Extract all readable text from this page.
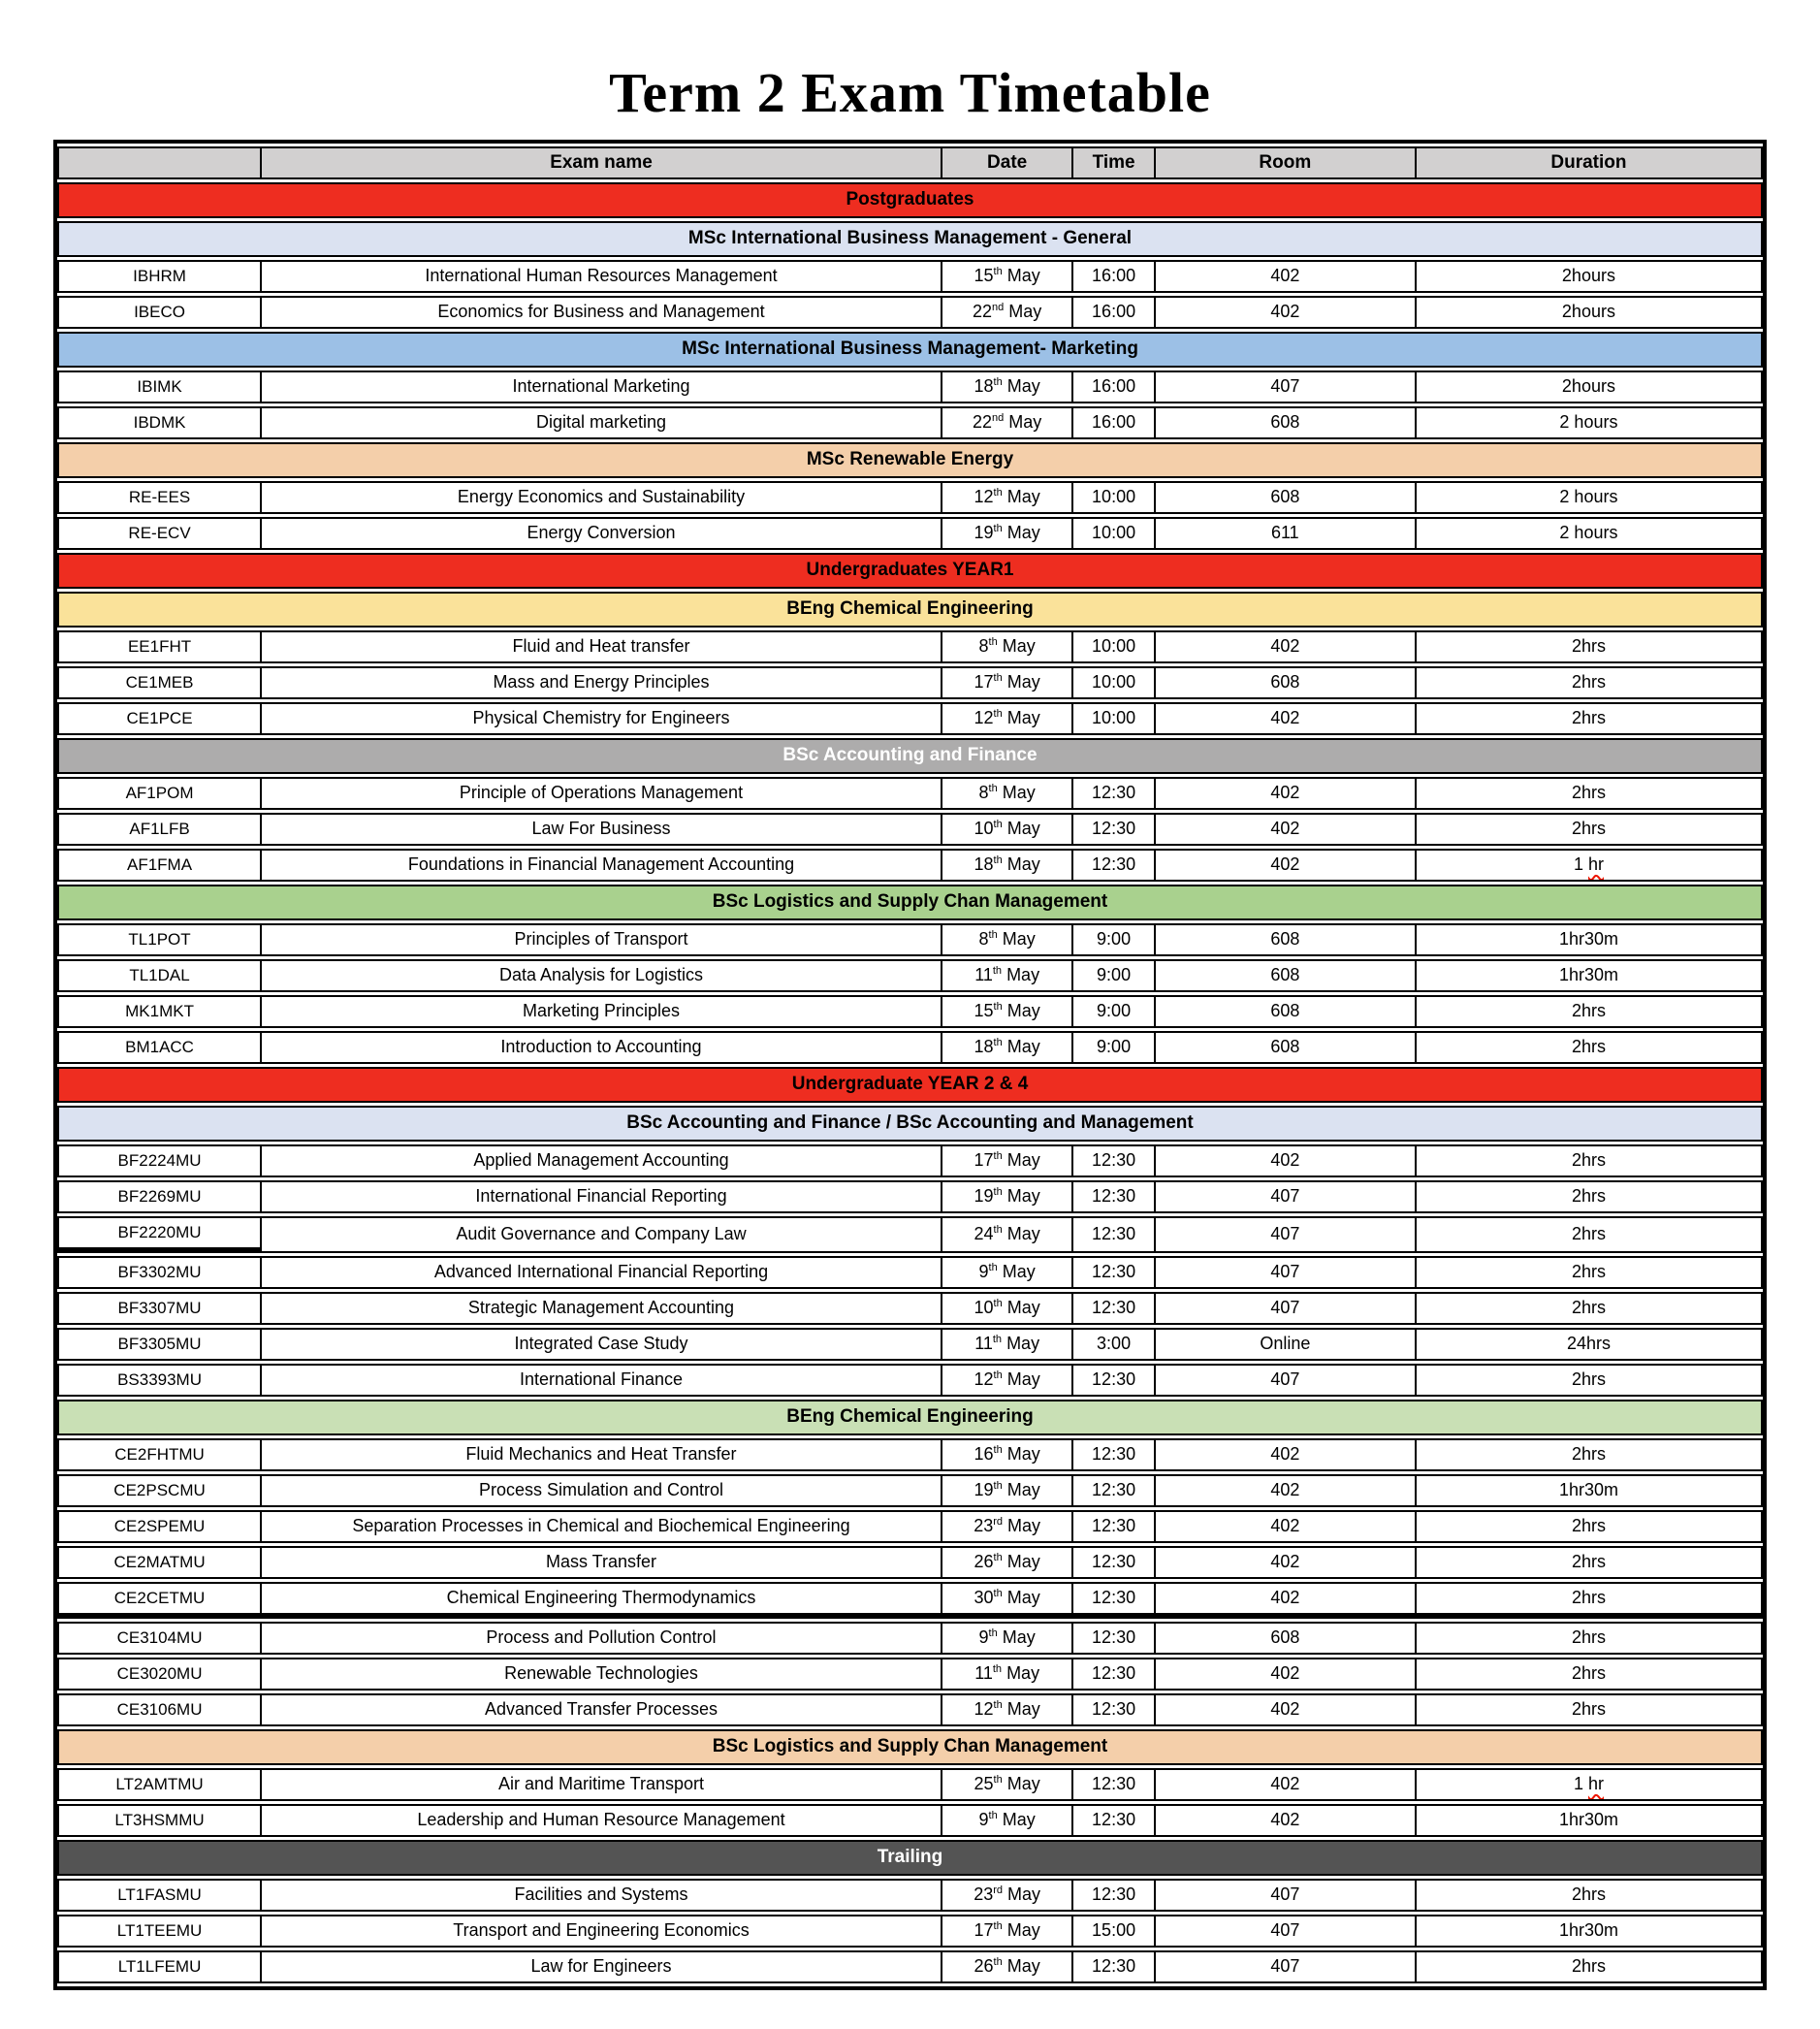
Term 2 Exam Timetable
	Exam name	Date	Time	Room	Duration
Postgraduates					
MSc International Business Management - General					
IBHRM	International Human Resources Management	15th May	16:00	402	2hours
IBECO	Economics for Business and Management	22nd May	16:00	402	2hours
MSc International Business Management- Marketing					
IBIMK	International Marketing	18th May	16:00	407	2hours
IBDMK	Digital marketing	22nd May	16:00	608	2 hours
MSc Renewable Energy					
RE-EES	Energy Economics and Sustainability	12th May	10:00	608	2 hours
RE-ECV	Energy Conversion	19th May	10:00	611	2 hours
Undergraduates YEAR1					
BEng Chemical Engineering					
EE1FHT	Fluid and Heat transfer	8th May	10:00	402	2hrs
CE1MEB	Mass and Energy Principles	17th May	10:00	608	2hrs
CE1PCE	Physical Chemistry for Engineers	12th May	10:00	402	2hrs
BSc Accounting and Finance					
AF1POM	Principle of Operations Management	8th May	12:30	402	2hrs
AF1LFB	Law For Business	10th May	12:30	402	2hrs
AF1FMA	Foundations in Financial Management Accounting	18th May	12:30	402	1 hr
BSc Logistics and Supply Chan Management					
TL1POT	Principles of Transport	8th May	9:00	608	1hr30m
TL1DAL	Data Analysis for Logistics	11th May	9:00	608	1hr30m
MK1MKT	Marketing Principles	15th May	9:00	608	2hrs
BM1ACC	Introduction to Accounting	18th May	9:00	608	2hrs
Undergraduate YEAR 2 & 4					
BSc Accounting and Finance / BSc Accounting and Management					
BF2224MU	Applied Management Accounting	17th May	12:30	402	2hrs
BF2269MU	International Financial Reporting	19th May	12:30	407	2hrs
BF2220MU	Audit Governance and Company Law	24th May	12:30	407	2hrs
BF3302MU	Advanced International Financial Reporting	9th May	12:30	407	2hrs
BF3307MU	Strategic Management Accounting	10th May	12:30	407	2hrs
BF3305MU	Integrated Case Study	11th May	3:00	Online	24hrs
BS3393MU	International Finance	12th May	12:30	407	2hrs
BEng Chemical Engineering					
CE2FHTMU	Fluid Mechanics and Heat Transfer	16th May	12:30	402	2hrs
CE2PSCMU	Process Simulation and Control	19th May	12:30	402	1hr30m
CE2SPEMU	Separation Processes in Chemical and Biochemical Engineering	23rd May	12:30	402	2hrs
CE2MATMU	Mass Transfer	26th May	12:30	402	2hrs
CE2CETMU	Chemical Engineering Thermodynamics	30th May	12:30	402	2hrs
CE3104MU	Process and Pollution Control	9th May	12:30	608	2hrs
CE3020MU	Renewable Technologies	11th May	12:30	402	2hrs
CE3106MU	Advanced Transfer Processes	12th May	12:30	402	2hrs
BSc Logistics and Supply Chan Management					
LT2AMTMU	Air and Maritime Transport	25th May	12:30	402	1 hr
LT3HSMMU	Leadership and Human Resource Management	9th May	12:30	402	1hr30m
Trailing					
LT1FASMU	Facilities and Systems	23rd May	12:30	407	2hrs
LT1TEEMU	Transport and Engineering Economics	17th May	15:00	407	1hr30m
LT1LFEMU	Law for Engineers	26th May	12:30	407	2hrs
